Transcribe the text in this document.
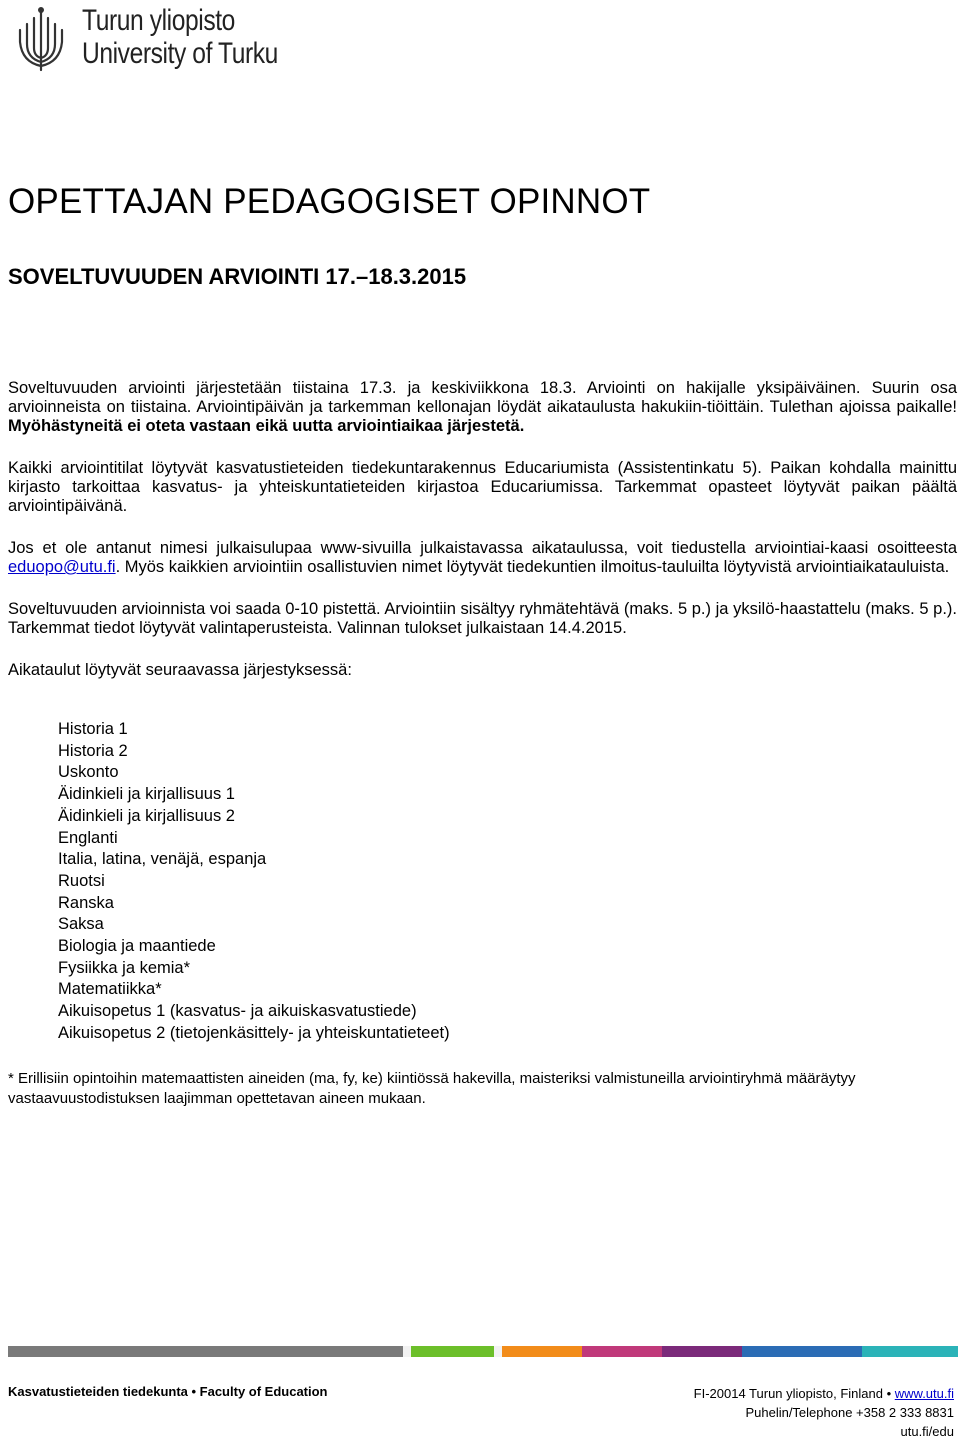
Turun yliopisto
University of Turku
OPETTAJAN PEDAGOGISET OPINNOT
SOVELTUVUUDEN ARVIOINTI 17.–18.3.2015

Soveltuvuuden arviointi järjestetään tiistaina 17.3. ja keskiviikkona 18.3. Arviointi on hakijalle yksipäiväinen. Suurin osa arvioinneista on tiistaina. Arviointipäivän ja tarkemman kellonajan löydät aikataulusta hakukiin-tiöittäin. Tulethan ajoissa paikalle! Myöhästyneitä ei oteta vastaan eikä uutta arviointiaikaa järjestetä.

Kaikki arviointitilat löytyvät kasvatustieteiden tiedekuntarakennus Educariumista (Assistentinkatu 5). Paikan kohdalla mainittu kirjasto tarkoittaa kasvatus- ja yhteiskuntatieteiden kirjastoa Educariumissa. Tarkemmat opasteet löytyvät paikan päältä arviointipäivänä.

Jos et ole antanut nimesi julkaisulupaa www-sivuilla julkaistavassa aikataulussa, voit tiedustella arviointiai-kaasi osoitteesta eduopo@utu.fi. Myös kaikkien arviointiin osallistuvien nimet löytyvät tiedekuntien ilmoitus-tauluilta löytyvistä arviointiaikatauluista.

Soveltuvuuden arvioinnista voi saada 0-10 pistettä. Arviointiin sisältyy ryhmätehtävä (maks. 5 p.) ja yksilö-haastattelu (maks. 5 p.). Tarkemmat tiedot löytyvät valintaperusteista. Valinnan tulokset julkaistaan 14.4.2015.

Aikataulut löytyvät seuraavassa järjestyksessä:

Historia 1
Historia 2
Uskonto
Äidinkieli ja kirjallisuus 1
Äidinkieli ja kirjallisuus 2
Englanti
Italia, latina, venäjä, espanja
Ruotsi
Ranska
Saksa
Biologia ja maantiede
Fysiikka ja kemia*
Matematiikka*
Aikuisopetus 1 (kasvatus- ja aikuiskasvatustiede)
Aikuisopetus 2 (tietojenkäsittely- ja yhteiskuntatieteet)

* Erillisiin opintoihin matemaattisten aineiden (ma, fy, ke) kiintiössä hakevilla, maisteriksi valmistuneilla arviointiryhmä määräytyy vastaavuustodistuksen laajimman opettetavan aineen mukaan.

Kasvatustieteiden tiedekunta • Faculty of Education	FI-20014 Turun yliopisto, Finland • www.utu.fi
Puhelin/Telephone +358 2 333 8831
utu.fi/edu
